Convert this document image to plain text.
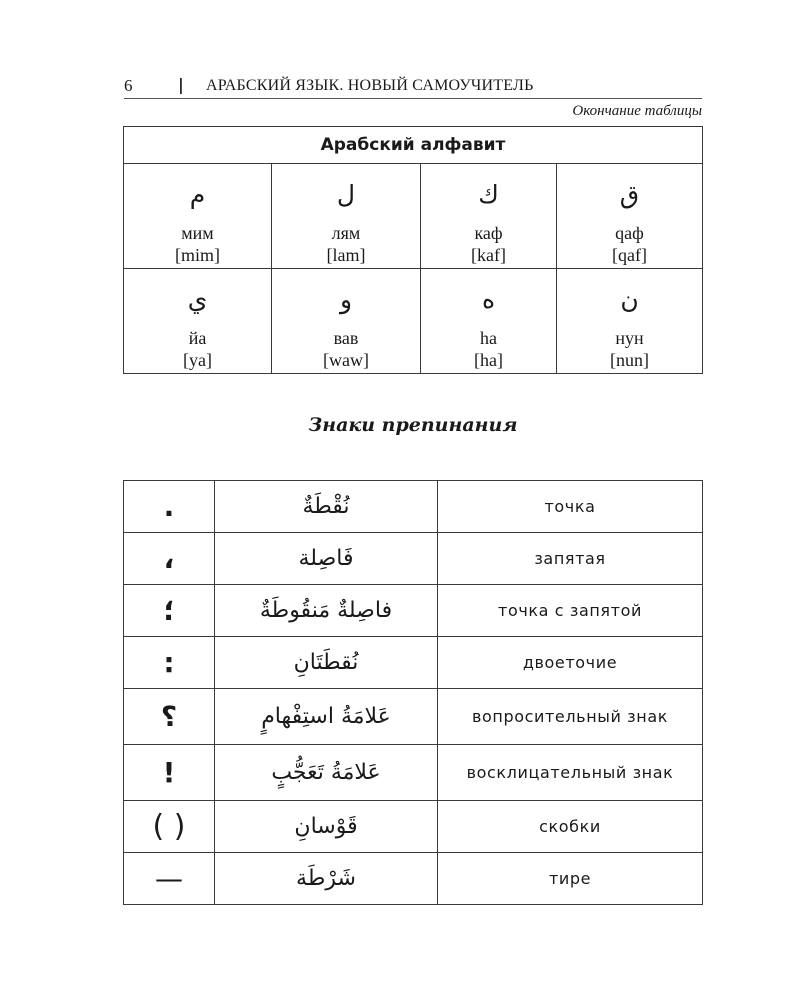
6	| АРАБСКИЙ ЯЗЫК. НОВЫЙ САМОУЧИТЕЛЬ
Окончание таблицы
Арабский алфавит			

م
мим
[mim]	ل
лям
[lam]	ك
каф
[kaf]	ق
qaф
[qaf]

ي
йа
[ya]	و
вав
[waw]	ه
ha
[ha]	ن
нун
[nun]
Знаки препинания
.	نُقْطَةٌ	точка
،	فَاصِلة	запятая
؛	فاصِلةٌ مَنقُوطَةٌ	точка с запятой
:	نُقطَتَانِ	двоеточие
؟	عَلامَةُ استِفْهامٍ	вопросительный знак
!	عَلامَةُ تَعَجُّبٍ	восклицательный знак
( )	قَوْسانِ	скобки
—	شَرْطَة	тире
